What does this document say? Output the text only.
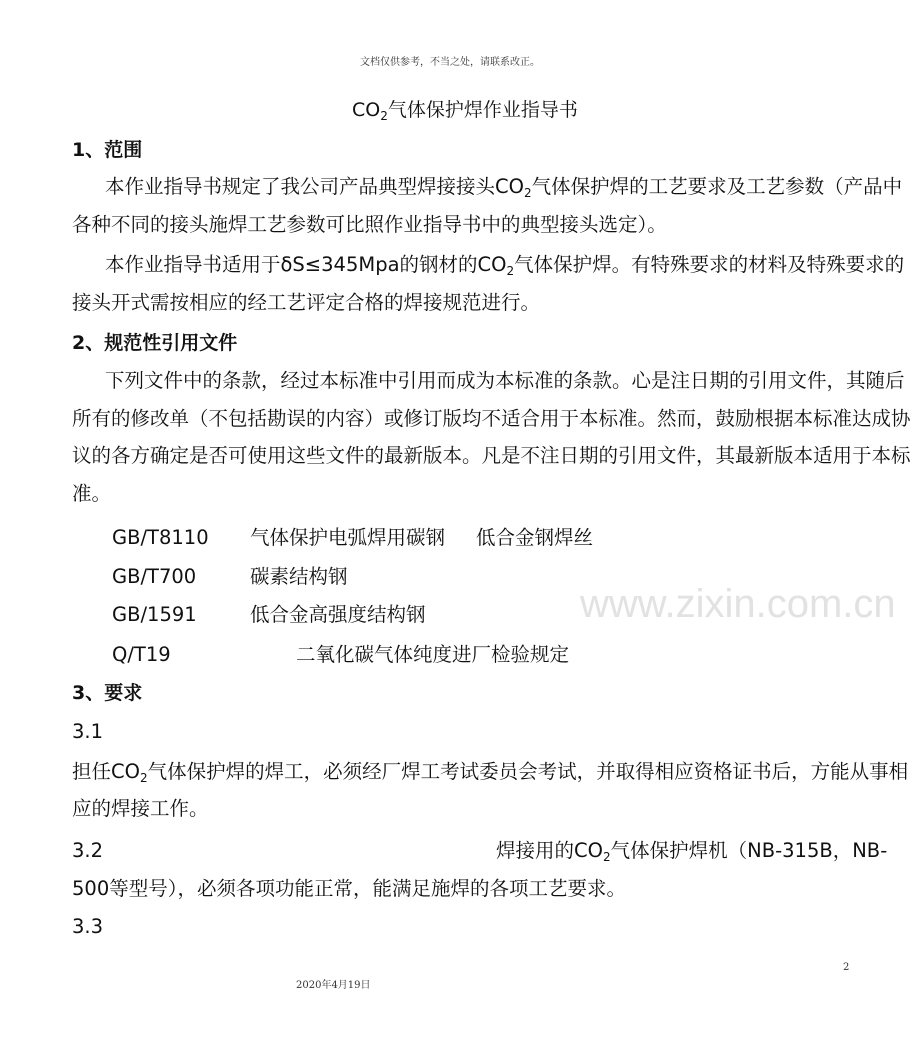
www.zixin.com.cn
文档仅供参考，不当之处，请联系改正。
$CO_2$气体保护焊作业指导书
1、范围
本作业指导书规定了我公司产品典型焊接接头$CO_2$气体保护焊的工艺要求及工艺参数（产品中
各种不同的接头施焊工艺参数可比照作业指导书中的典型接头选定）。
本作业指导书适用于δS≤345Mpa的钢材的$CO_2$气体保护焊。有特殊要求的材料及特殊要求的
接头开式需按相应的经工艺评定合格的焊接规范进行。
2、规范性引用文件
下列文件中的条款，经过本标准中引用而成为本标准的条款。心是注日期的引用文件，其随后
所有的修改单（不包括勘误的内容）或修订版均不适合用于本标准。然而，鼓励根据本标准达成协
议的各方确定是否可使用这些文件的最新版本。凡是不注日期的引用文件，其最新版本适用于本标
准。
GB/T8110 气体保护电弧焊用碳钢 低合金钢焊丝
GB/T700	碳素结构钢
GB/1591	低合金高强度结构钢
Q/T19	二氧化碳气体纯度进厂检验规定
3、要求
3.1
担任$CO_2$气体保护焊的焊工，必须经厂焊工考试委员会考试，并取得相应资格证书后，方能从事相
应的焊接工作。
3.2	焊接用的$CO_2$气体保护焊机（NB-315B，NB-
500等型号），必须各项功能正常，能满足施焊的各项工艺要求。
3.3
2
2020年4月19日
